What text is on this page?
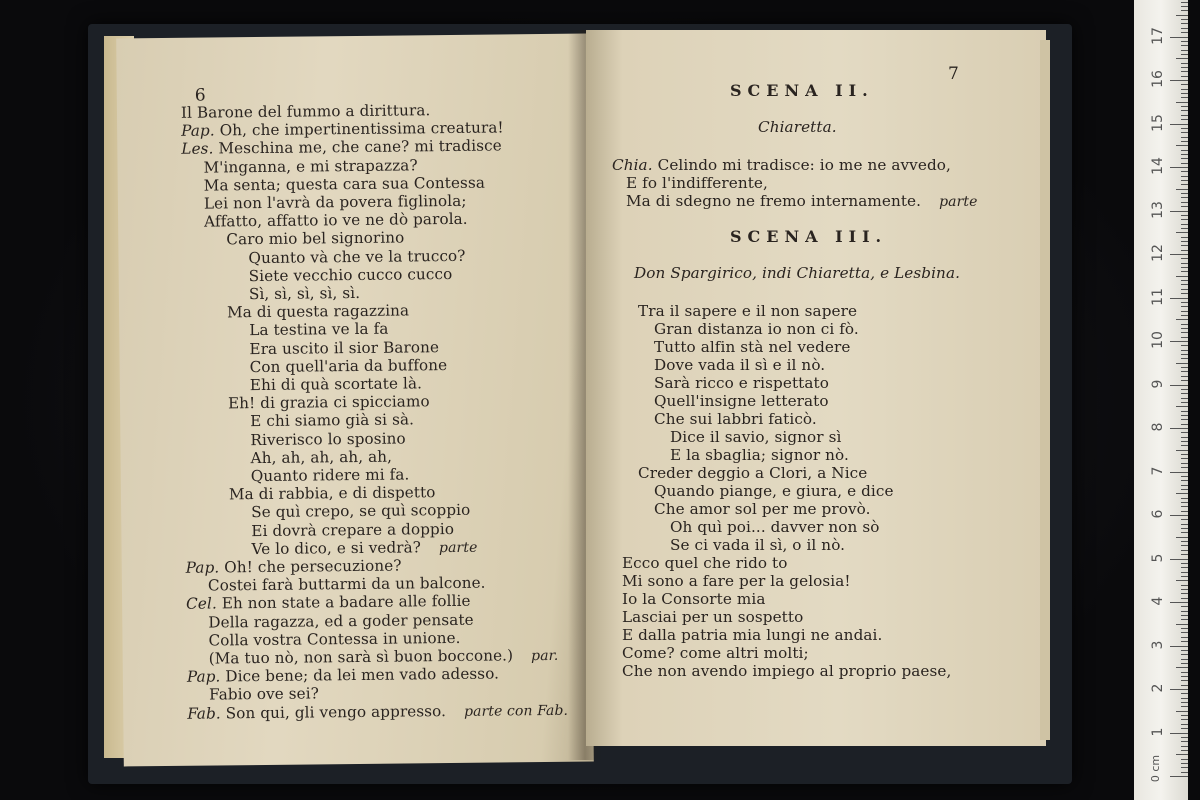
6
Il Barone del fummo a dirittura.
Pap. Oh, che impertinentissima creatura!
Les. Meschina me, che cane? mi tradisce
M'inganna, e mi strapazza?
Ma senta; questa cara sua Contessa
Lei non l'avrà da povera figlinola;
Affatto, affatto io ve ne dò parola.
Caro mio bel signorino
Quanto và che ve la trucco?
Siete vecchio cucco cucco
Sì, sì, sì, sì, sì.
Ma di questa ragazzina
La testina ve la fa
Era uscito il sior Barone
Con quell'aria da buffone
Ehi di quà scortate là.
Eh! di grazia ci spicciamo
E chi siamo già si sà.
Riverisco lo sposino
Ah, ah, ah, ah, ah,
Quanto ridere mi fa.
Ma di rabbia, e di dispetto
Se quì crepo, se quì scoppio
Ei dovrà crepare a doppio
Ve lo dico, e si vedrà? parte
Pap. Oh! che persecuzione?
Costei farà buttarmi da un balcone.
Cel. Eh non state a badare alle follie
Della ragazza, ed a goder pensate
Colla vostra Contessa in unione.
(Ma tuo nò, non sarà sì buon boccone.) par.
Pap. Dice bene; da lei men vado adesso.
Fabio ove sei?
Fab. Son qui, gli vengo appresso. parte con Fab.
7
SCENA II.
Chiaretta.
Chia. Celindo mi tradisce: io me ne avvedo,
E fo l'indifferente,
Ma di sdegno ne fremo internamente. parte
SCENA III.
Don Spargirico, indi Chiaretta, e Lesbina.
Tra il sapere e il non sapere
Gran distanza io non ci fò.
Tutto alfin stà nel vedere
Dove vada il sì e il nò.
Sarà ricco e rispettato
Quell'insigne letterato
Che sui labbri faticò.
Dice il savio, signor sì
E la sbaglia; signor nò.
Creder deggio a Clori, a Nice
Quando piange, e giura, e dice
Che amor sol per me provò.
Oh quì poi... davver non sò
Se ci vada il sì, o il nò.
Ecco quel che rido to
Mi sono a fare per la gelosia!
Io la Consorte mia
Lasciai per un sospetto
E dalla patria mia lungi ne andai.
Come? come altri molti;
Che non avendo impiego al proprio paese,
0 cm
1
2
3
4
5
6
7
8
9
10
11
12
13
14
15
16
17
